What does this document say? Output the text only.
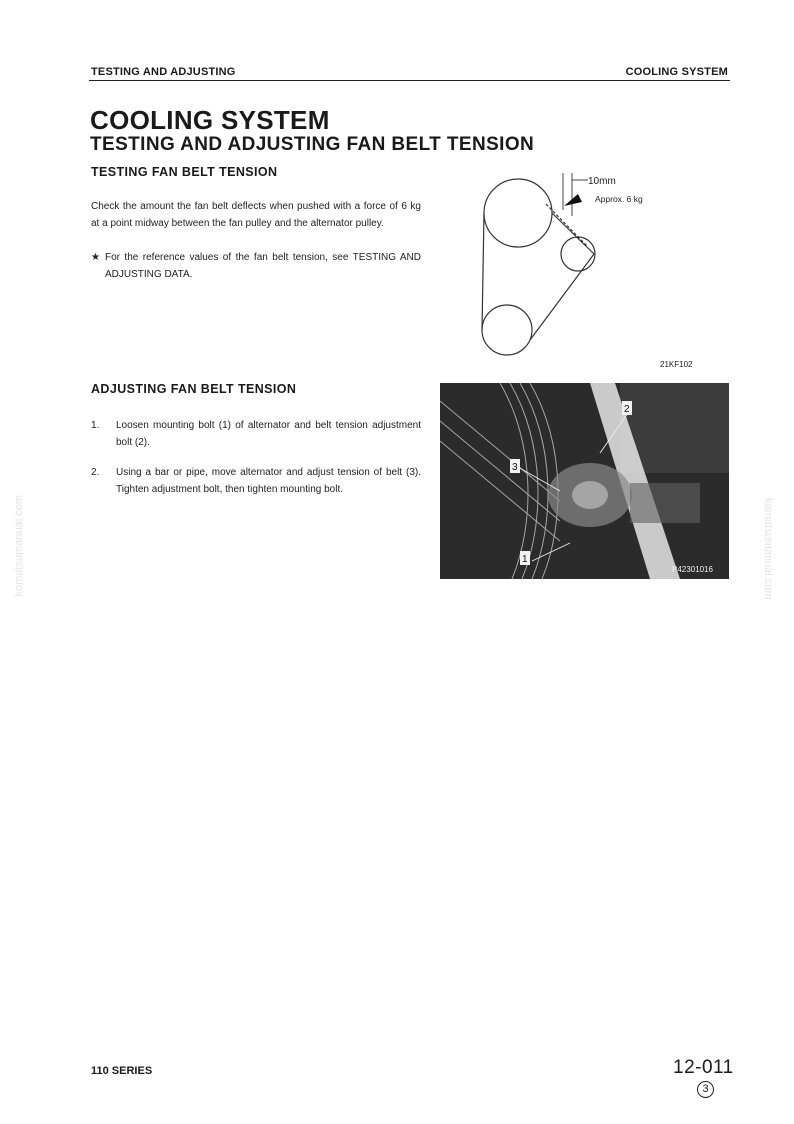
TESTING AND ADJUSTING	COOLING SYSTEM
COOLING SYSTEM
TESTING AND ADJUSTING FAN BELT TENSION
TESTING FAN BELT TENSION
Check the amount the fan belt deflects when pushed with a force of 6 kg at a point midway between the fan pulley and the alternator pulley.
★ For the reference values of the fan belt tension, see TESTING AND ADJUSTING DATA.
10mm
Approx. 6 kg
21KF102
ADJUSTING FAN BELT TENSION
1. Loosen mounting bolt (1) of alternator and belt tension adjustment bolt (2).
2. Using a bar or pipe, move alternator and adjust tension of belt (3). Tighten adjustment bolt, then tighten mounting bolt.
2
3
1
P42301016
komatsumanual.com	komatsumanual.com
110 SERIES	12-011
3
